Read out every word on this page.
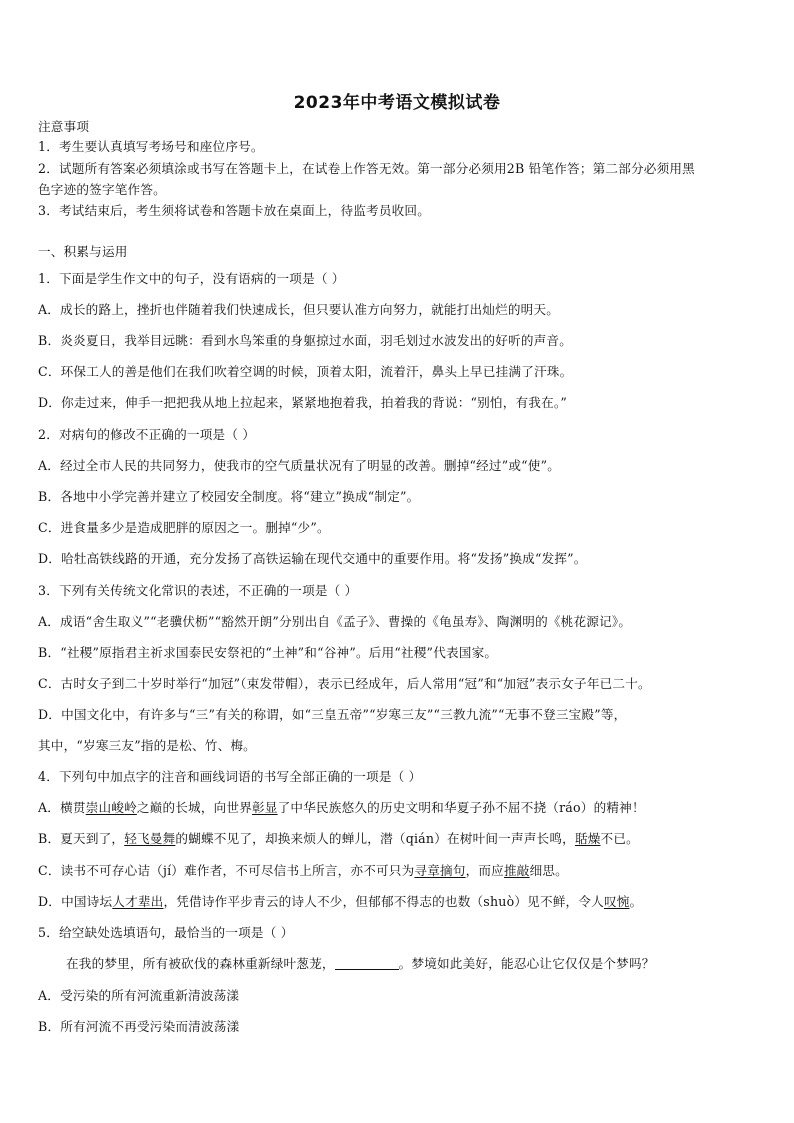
2023年中考语文模拟试卷
注意事项
1．考生要认真填写考场号和座位序号。
2．试题所有答案必须填涂或书写在答题卡上，在试卷上作答无效。第一部分必须用2B 铅笔作答；第二部分必须用黑
色字迹的签字笔作答。
3．考试结束后，考生须将试卷和答题卡放在桌面上，待监考员收回。
一、积累与运用
1．下面是学生作文中的句子，没有语病的一项是（ ）
A．成长的路上，挫折也伴随着我们快速成长，但只要认准方向努力，就能打出灿烂的明天。
B．炎炎夏日，我举目远眺：看到水鸟笨重的身躯掠过水面，羽毛划过水波发出的好听的声音。
C．环保工人的善是他们在我们吹着空调的时候，顶着太阳，流着汗，鼻头上早已挂满了汗珠。
D．你走过来，伸手一把把我从地上拉起来，紧紧地抱着我，拍着我的背说：“别怕，有我在。”
2．对病句的修改不正确的一项是（ ）
A．经过全市人民的共同努力，使我市的空气质量状况有了明显的改善。删掉“经过”或“使”。
B．各地中小学完善并建立了校园安全制度。将“建立”换成“制定”。
C．进食量多少是造成肥胖的原因之一。删掉“少”。
D．哈牡高铁线路的开通，充分发扬了高铁运输在现代交通中的重要作用。将“发扬”换成“发挥”。
3．下列有关传统文化常识的表述，不正确的一项是（ ）
A．成语“舍生取义”“老骥伏枥”“豁然开朗”分别出自《孟子》、曹操的《龟虽寿》、陶渊明的《桃花源记》。
B．“社稷”原指君主祈求国泰民安祭祀的“土神”和“谷神”。后用“社稷”代表国家。
C．古时女子到二十岁时举行“加冠”（束发带帽），表示已经成年，后人常用“冠”和“加冠”表示女子年已二十。
D．中国文化中，有许多与“三”有关的称谓，如“三皇五帝”“岁寒三友”“三教九流”“无事不登三宝殿”等，
其中，“岁寒三友”指的是松、竹、梅。
4．下列句中加点字的注音和画线词语的书写全部正确的一项是（ ）
A．横贯崇山峻岭之巅的长城，向世界彰显了中华民族悠久的历史文明和华夏子孙不屈不挠（ráo）的精神！
B．夏天到了，轻飞曼舞的蝴蝶不见了，却换来烦人的蝉儿，潜（qián）在树叶间一声声长鸣，聒燥不已。
C．读书不可存心诘（jí）难作者，不可尽信书上所言，亦不可只为寻章摘句，而应推敲细思。
D．中国诗坛人才辈出，凭借诗作平步青云的诗人不少，但郁郁不得志的也数（shuò）见不鲜，令人叹惋。
5．给空缺处选填语句，最恰当的一项是（ ）
在我的梦里，所有被砍伐的森林重新绿叶葱茏，	。梦境如此美好，能忍心让它仅仅是个梦吗？
A．受污染的所有河流重新清波荡漾
B．所有河流不再受污染而清波荡漾
